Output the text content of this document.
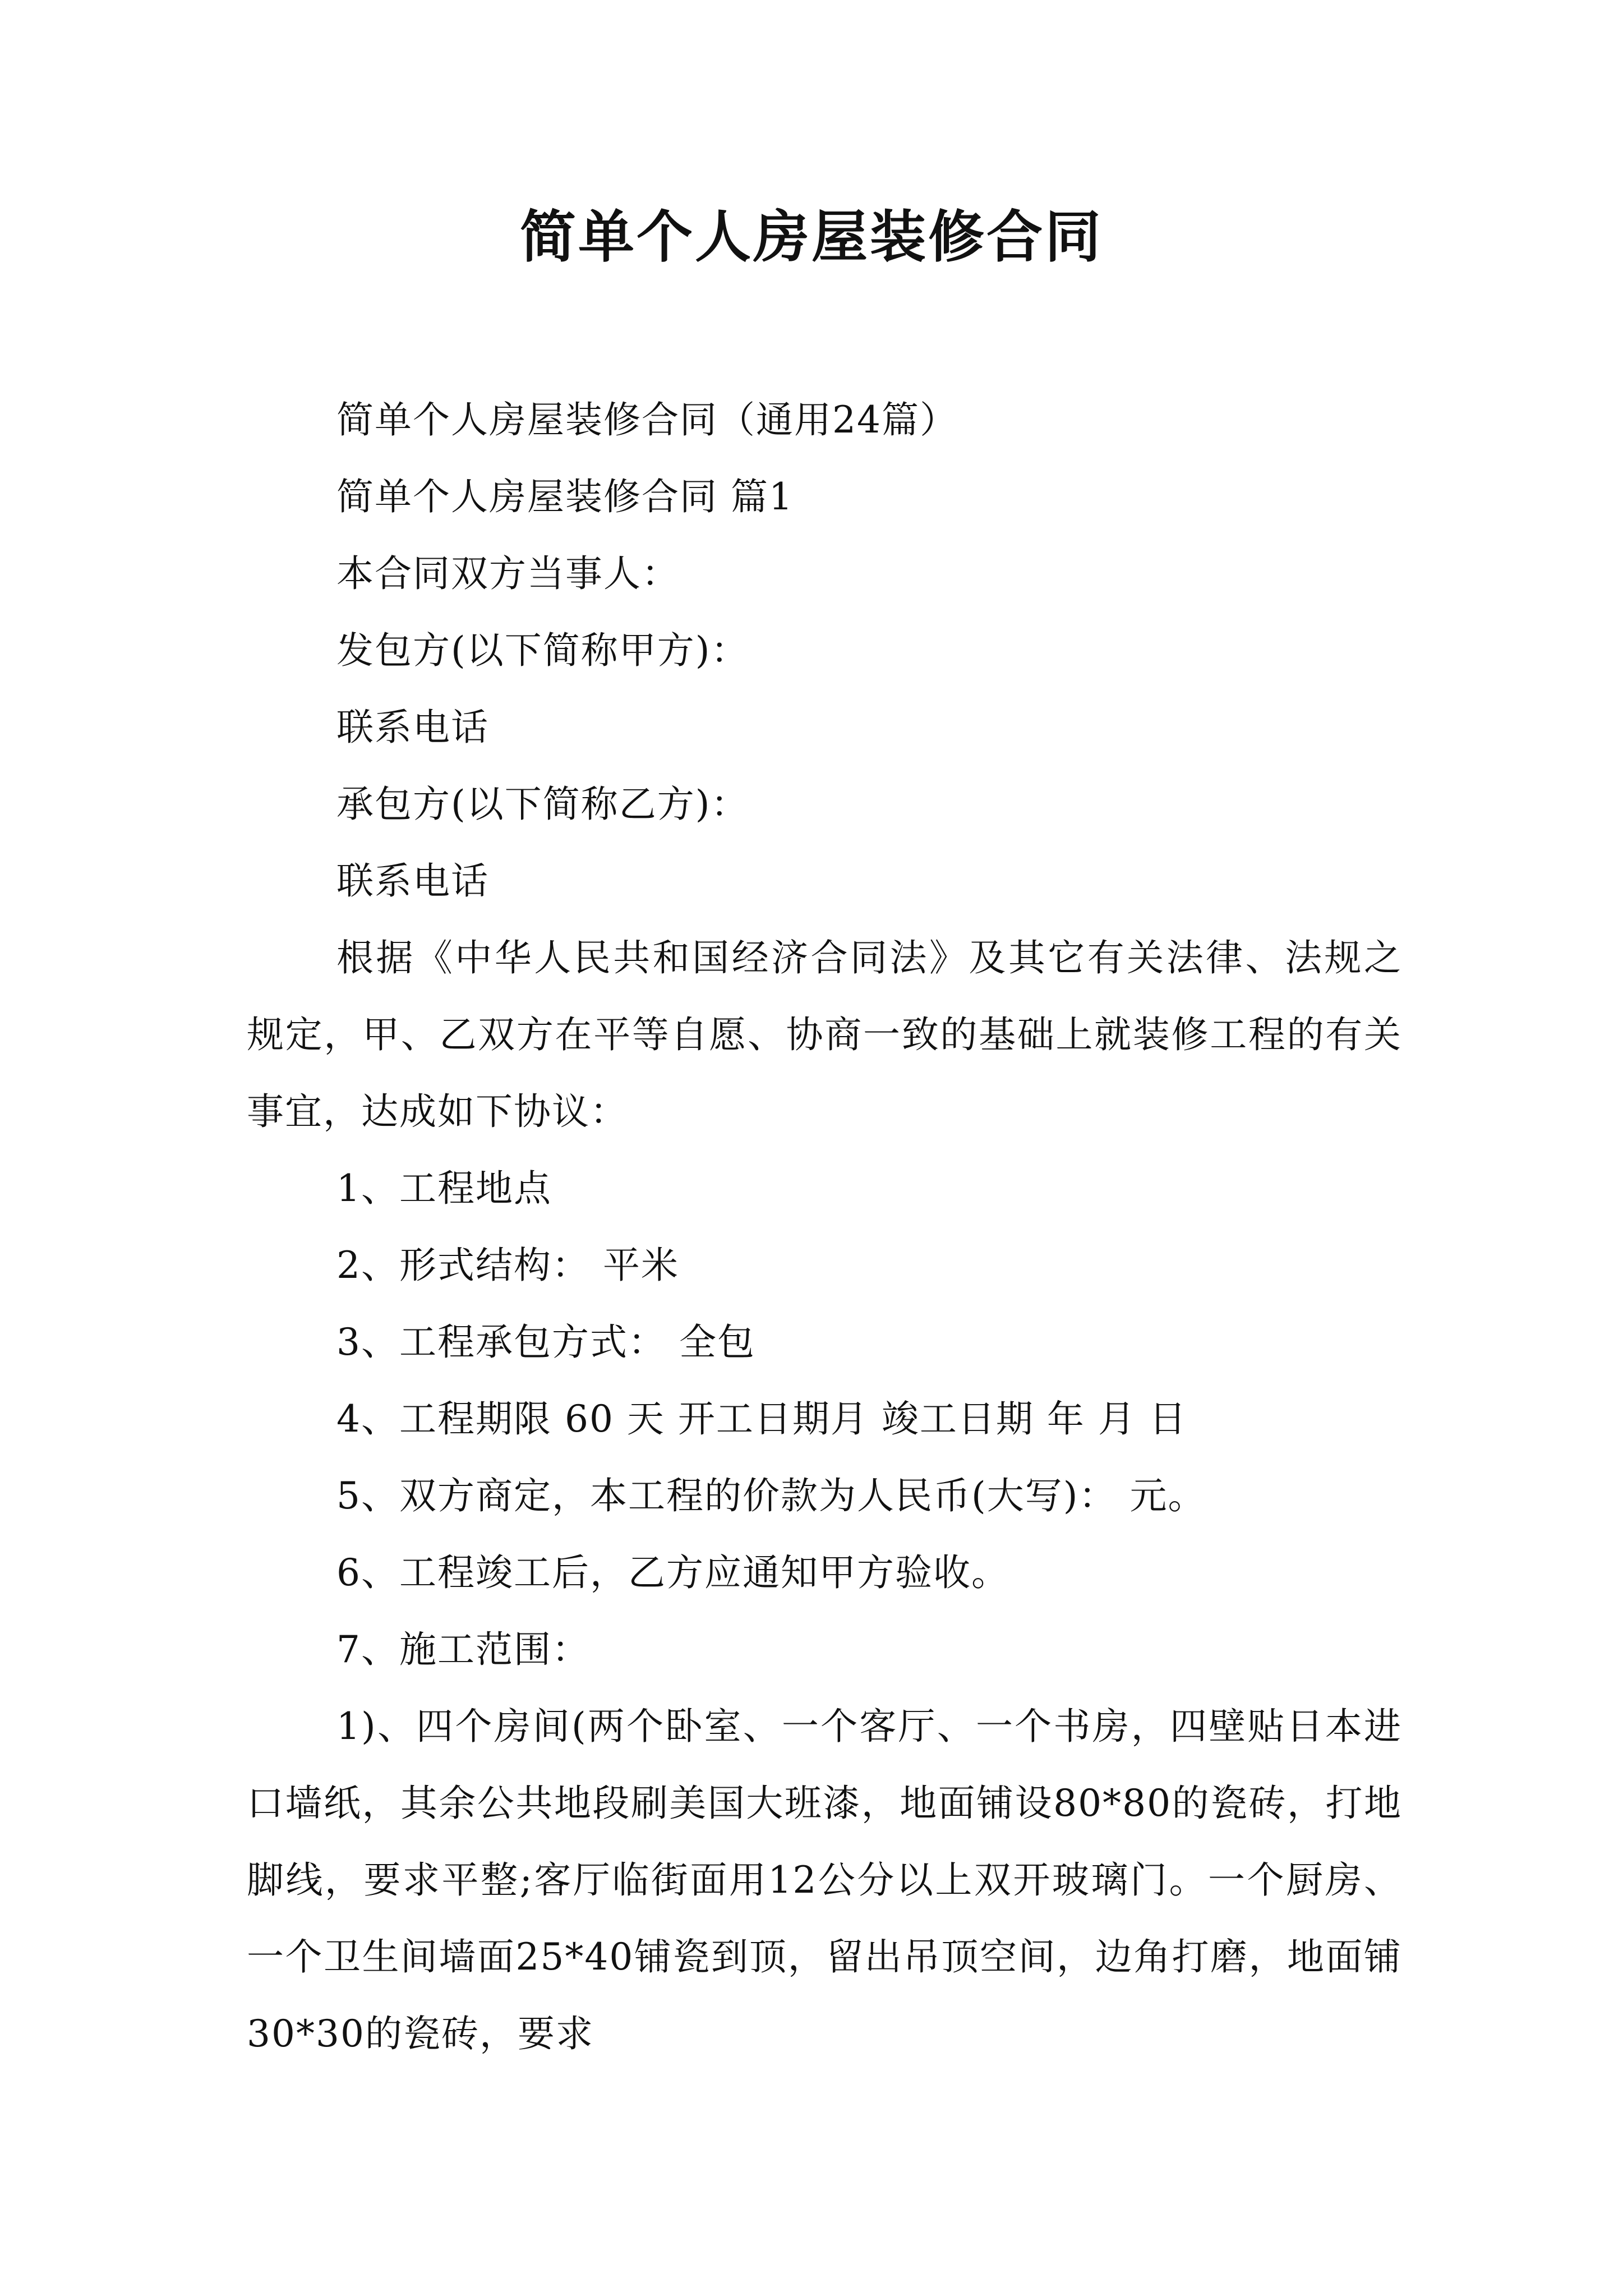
简单个人房屋装修合同

简单个人房屋装修合同（通用24篇）

简单个人房屋装修合同 篇1

本合同双方当事人：

发包方(以下简称甲方)：

联系电话

承包方(以下简称乙方)：

联系电话

根据《中华人民共和国经济合同法》及其它有关法律、法规之规定，甲、乙双方在平等自愿、协商一致的基础上就装修工程的有关事宜，达成如下协议：

1、工程地点

2、形式结构： 平米

3、工程承包方式： 全包

4、工程期限 60 天 开工日期月 竣工日期 年 月 日

5、双方商定，本工程的价款为人民币(大写)： 元。

6、工程竣工后，乙方应通知甲方验收。

7、施工范围：

1)、四个房间(两个卧室、一个客厅、一个书房，四壁贴日本进口墙纸，其余公共地段刷美国大班漆，地面铺设80*80的瓷砖，打地脚线，要求平整;客厅临街面用12公分以上双开玻璃门。一个厨房、一个卫生间墙面25*40铺瓷到顶，留出吊顶空间，边角打磨，地面铺30*30的瓷砖，要求
